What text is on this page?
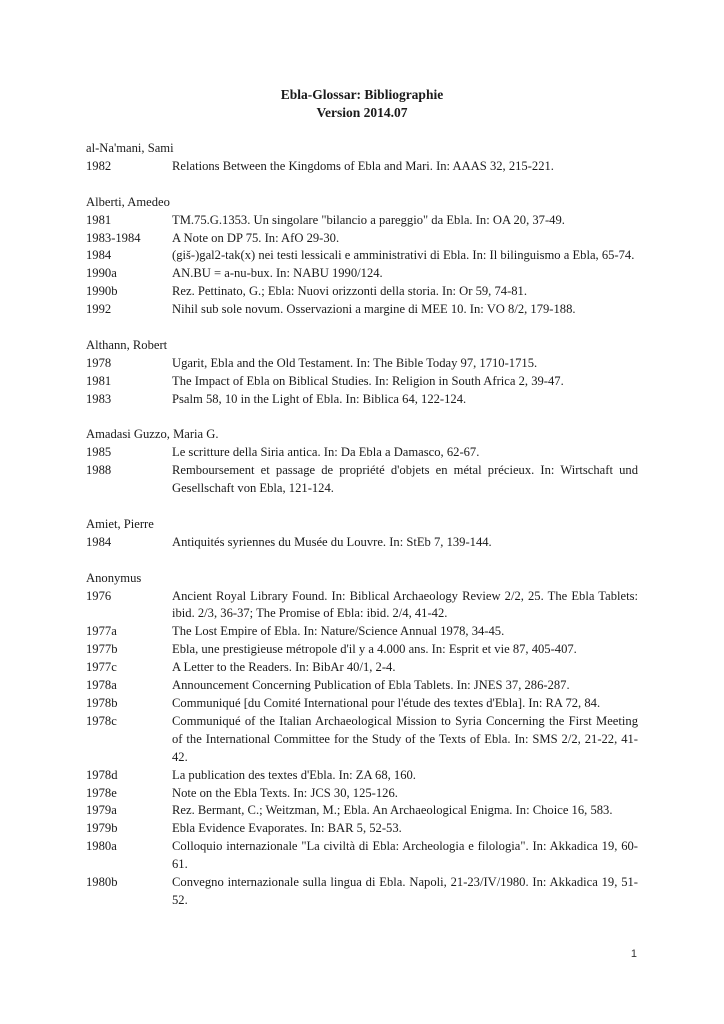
Ebla-Glossar: Bibliographie
Version 2014.07
al-Na'mani, Sami
1982	Relations Between the Kingdoms of Ebla and Mari. In: AAAS 32, 215-221.
Alberti, Amedeo
1981	TM.75.G.1353. Un singolare "bilancio a pareggio" da Ebla. In: OA 20, 37-49.
1983-1984	A Note on DP 75. In: AfO 29-30.
1984	(giš-)gal2-tak(x) nei testi lessicali e amministrativi di Ebla. In: Il bilinguismo a Ebla, 65-74.
1990a	AN.BU = a-nu-bux. In: NABU 1990/124.
1990b	Rez. Pettinato, G.; Ebla: Nuovi orizzonti della storia. In: Or 59, 74-81.
1992	Nihil sub sole novum. Osservazioni a margine di MEE 10. In: VO 8/2, 179-188.
Althann, Robert
1978	Ugarit, Ebla and the Old Testament. In: The Bible Today 97, 1710-1715.
1981	The Impact of Ebla on Biblical Studies. In: Religion in South Africa 2, 39-47.
1983	Psalm 58, 10 in the Light of Ebla. In: Biblica 64, 122-124.
Amadasi Guzzo, Maria G.
1985	Le scritture della Siria antica. In: Da Ebla a Damasco, 62-67.
1988	Remboursement et passage de propriété d'objets en métal précieux. In: Wirtschaft und Gesellschaft von Ebla, 121-124.
Amiet, Pierre
1984	Antiquités syriennes du Musée du Louvre. In: StEb 7, 139-144.
Anonymus
1976	Ancient Royal Library Found. In: Biblical Archaeology Review 2/2, 25. The Ebla Tablets: ibid. 2/3, 36-37; The Promise of Ebla: ibid. 2/4, 41-42.
1977a	The Lost Empire of Ebla. In: Nature/Science Annual 1978, 34-45.
1977b	Ebla, une prestigieuse métropole d'il y a 4.000 ans. In: Esprit et vie 87, 405-407.
1977c	A Letter to the Readers. In: BibAr 40/1, 2-4.
1978a	Announcement Concerning Publication of Ebla Tablets. In: JNES 37, 286-287.
1978b	Communiqué [du Comité International pour l'étude des textes d'Ebla]. In: RA 72, 84.
1978c	Communiqué of the Italian Archaeological Mission to Syria Concerning the First Meeting of the International Committee for the Study of the Texts of Ebla. In: SMS 2/2, 21-22, 41-42.
1978d	La publication des textes d'Ebla. In: ZA 68, 160.
1978e	Note on the Ebla Texts. In: JCS 30, 125-126.
1979a	Rez. Bermant, C.; Weitzman, M.; Ebla. An Archaeological Enigma. In: Choice 16, 583.
1979b	Ebla Evidence Evaporates. In: BAR 5, 52-53.
1980a	Colloquio internazionale "La civiltà di Ebla: Archeologia e filologia". In: Akkadica 19, 60-61.
1980b	Convegno internazionale sulla lingua di Ebla. Napoli, 21-23/IV/1980. In: Akkadica 19, 51-52.
1
